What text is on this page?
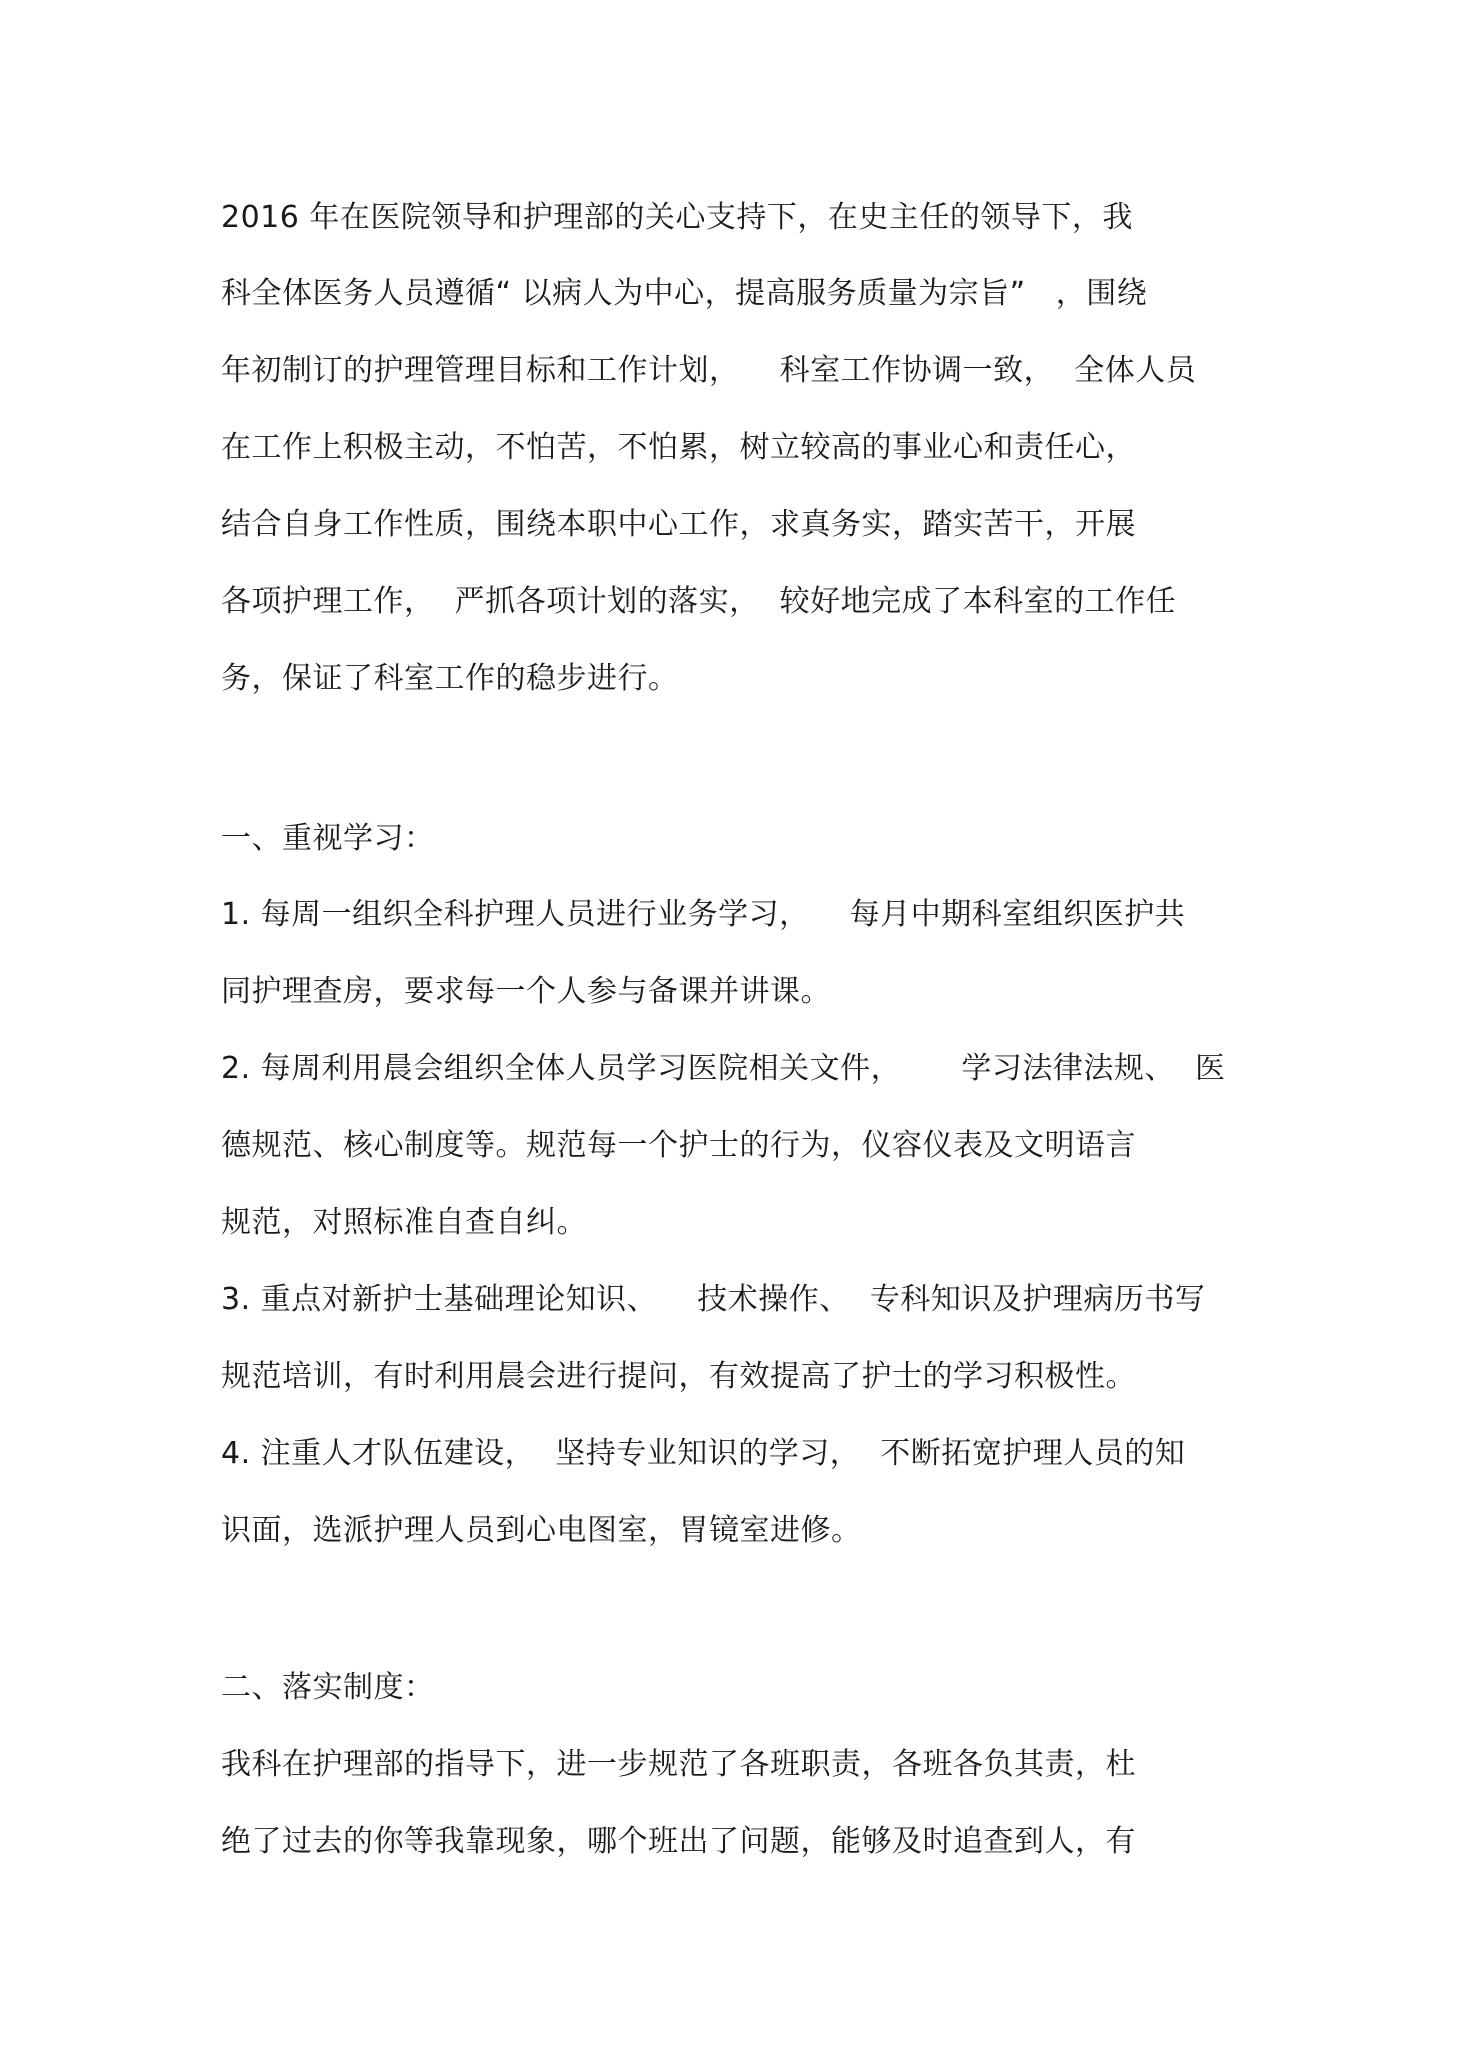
2016 年在医院领导和护理部的关心支持下，在史主任的领导下，我
科全体医务人员遵循“ 以病人为中心，提高服务质量为宗旨”   ，围绕
年初制订的护理管理目标和工作计划，    科室工作协调一致，  全体人员
在工作上积极主动，不怕苦，不怕累，树立较高的事业心和责任心，
结合自身工作性质，围绕本职中心工作，求真务实，踏实苦干，开展
各项护理工作，  严抓各项计划的落实，  较好地完成了本科室的工作任
务，保证了科室工作的稳步进行。
一、重视学习：
1. 每周一组织全科护理人员进行业务学习，    每月中期科室组织医护共
同护理查房，要求每一个人参与备课并讲课。
2. 每周利用晨会组织全体人员学习医院相关文件，      学习法律法规、  医
德规范、核心制度等。规范每一个护士的行为，仪容仪表及文明语言
规范，对照标准自查自纠。
3. 重点对新护士基础理论知识、    技术操作、  专科知识及护理病历书写
规范培训，有时利用晨会进行提问，有效提高了护士的学习积极性。
4. 注重人才队伍建设，  坚持专业知识的学习，  不断拓宽护理人员的知
识面，选派护理人员到心电图室，胃镜室进修。
二、落实制度：
我科在护理部的指导下，进一步规范了各班职责，各班各负其责，杜
绝了过去的你等我靠现象，哪个班出了问题，能够及时追查到人，有
